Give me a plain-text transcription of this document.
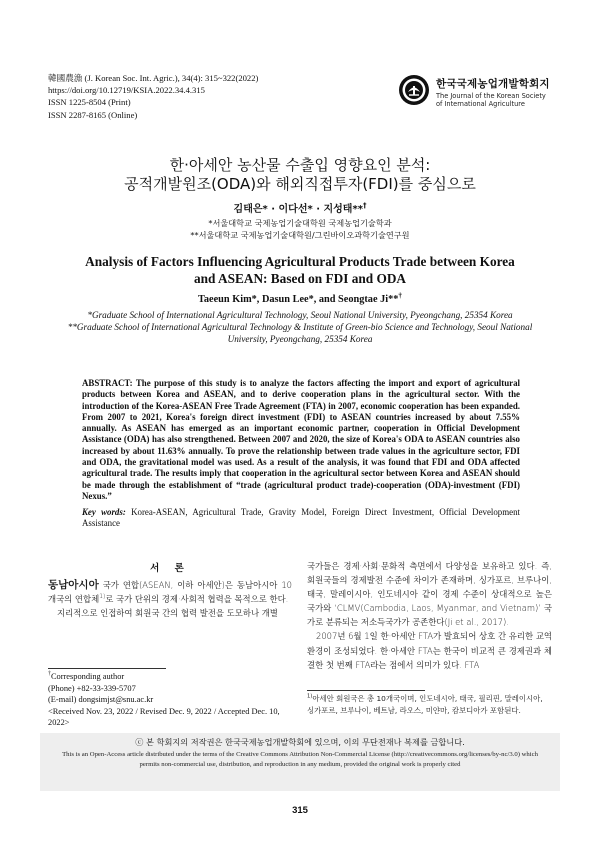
韓國農漁 (J. Korean Soc. Int. Agric.), 34(4): 315~322(2022)
https://doi.org/10.12719/KSIA.2022.34.4.315
ISSN 1225-8504 (Print)
ISSN 2287-8165 (Online)
한국국제농업개발학회지
The Journal of the Korean Society
of International Agriculture
한·아세안 농산물 수출입 영향요인 분석:
공적개발원조(ODA)와 해외직접투자(FDI)를 중심으로
김태은* · 이다선* · 지성태**†
*서울대학교 국제농업기술대학원 국제농업기술학과
**서울대학교 국제농업기술대학원/그린바이오과학기술연구원
Analysis of Factors Influencing Agricultural Products Trade between Korea
and ASEAN: Based on FDI and ODA
Taeeun Kim*, Dasun Lee*, and Seongtae Ji**†
*Graduate School of International Agricultural Technology, Seoul National University, Pyeongchang, 25354 Korea
**Graduate School of International Agricultural Technology & Institute of Green-bio Science and Technology, Seoul National University, Pyeongchang, 25354 Korea
ABSTRACT: The purpose of this study is to analyze the factors affecting the import and export of agricultural products between Korea and ASEAN, and to derive cooperation plans in the agricultural sector. With the introduction of the Korea-ASEAN Free Trade Agreement (FTA) in 2007, economic cooperation has been expanded. From 2007 to 2021, Korea's foreign direct investment (FDI) to ASEAN countries increased by about 7.55% annually. As ASEAN has emerged as an important economic partner, cooperation in Official Development Assistance (ODA) has also strengthened. Between 2007 and 2020, the size of Korea's ODA to ASEAN countries also increased by about 11.63% annually. To prove the relationship between trade values in the agriculture sector, FDI and ODA, the gravitational model was used. As a result of the analysis, it was found that FDI and ODA affected agricultural trade. The results imply that cooperation in the agricultural sector between Korea and ASEAN should be made through the establishment of “trade (agricultural product trade)-cooperation (ODA)-investment (FDI) Nexus.”
Key words: Korea-ASEAN, Agricultural Trade, Gravity Model, Foreign Direct Investment, Official Development Assistance
서 론

동남아시아 국가 연합(ASEAN, 이하 아세안)은 동남아시아 10개국의 연합체$^{1)}$로 국가 단위의 경제·사회적 협력을 목적으로 한다.

지리적으로 인접하여 회원국 간의 협력 발전을 도모하나 개별

국가들은 경제·사회·문화적 측면에서 다양성을 보유하고 있다. 즉, 회원국들의 경제발전 수준에 차이가 존재하며, 싱가포르, 브루나이, 태국, 말레이시아, 인도네시아 같이 경제 수준이 상대적으로 높은 국가와 ‘CLMV(Cambodia, Laos, Myanmar, and Vietnam)’ 국가로 분류되는 저소득국가가 공존한다(Ji et al., 2017).

2007년 6월 1일 한·아세안 FTA가 발효되어 상호 간 유리한 교역 환경이 조성되었다. 한·아세안 FTA는 한국이 비교적 큰 경제권과 체결한 첫 번째 FTA라는 점에서 의미가 있다. FTA

†Corresponding author
(Phone) +82-33-339-5707
(E-mail) dongsimjst@snu.ac.kr
<Received Nov. 23, 2022 / Revised Dec. 9, 2022 / Accepted Dec. 10, 2022>
$^{1)}$아세안 회원국은 총 10개국이며, 인도네시아, 태국, 필리핀, 말레이시아, 싱가포르, 브루나이, 베트남, 라오스, 미얀마, 캄보디아가 포함된다.
ⓒ 본 학회지의 저작권은 한국국제농업개발학회에 있으며, 이의 무단전재나 복제를 금합니다.
This is an Open-Access article distributed under the terms of the Creative Commons Attribution Non-Commercial License (http://creativecommons.org/licenses/by-nc/3.0) which permits non-commercial use, distribution, and reproduction in any medium, provided the original work is properly cited
315
